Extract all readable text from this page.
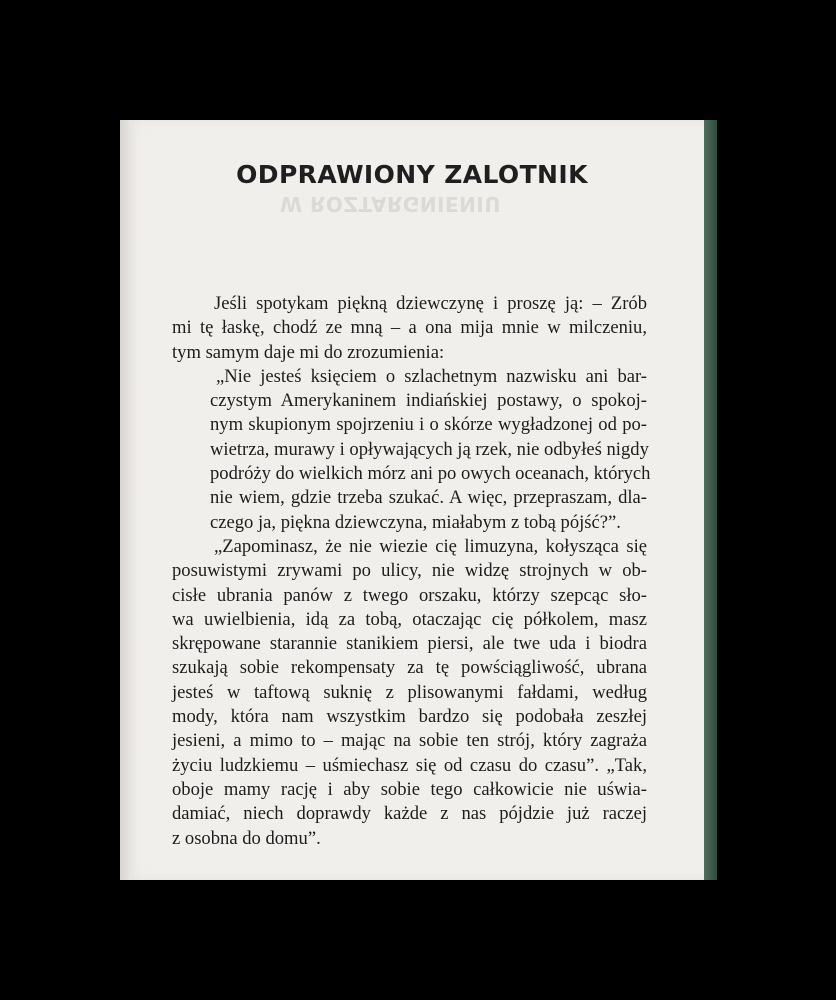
W ROZTARGNIENIU
ODPRAWIONY ZALOTNIK
Jeśli spotykam piękną dziewczynę i proszę ją: – Zrób
mi tę łaskę, chodź ze mną – a ona mija mnie w milczeniu,
tym samym daje mi do zrozumienia:
„Nie jesteś księciem o szlachetnym nazwisku ani bar-
czystym Amerykaninem indiańskiej postawy, o spokoj-
nym skupionym spojrzeniu i o skórze wygładzonej od po-
wietrza, murawy i opływających ją rzek, nie odbyłeś nigdy
podróży do wielkich mórz ani po owych oceanach, których
nie wiem, gdzie trzeba szukać. A więc, przepraszam, dla-
czego ja, piękna dziewczyna, miałabym z tobą pójść?”.
„Zapominasz, że nie wiezie cię limuzyna, kołysząca się
posuwistymi zrywami po ulicy, nie widzę strojnych w ob-
cisłe ubrania panów z twego orszaku, którzy szepcąc sło-
wa uwielbienia, idą za tobą, otaczając cię półkolem, masz
skrępowane starannie stanikiem piersi, ale twe uda i biodra
szukają sobie rekompensaty za tę powściągliwość, ubrana
jesteś w taftową suknię z plisowanymi fałdami, według
mody, która nam wszystkim bardzo się podobała zeszłej
jesieni, a mimo to – mając na sobie ten strój, który zagraża
życiu ludzkiemu – uśmiechasz się od czasu do czasu”. „Tak,
oboje mamy rację i aby sobie tego całkowicie nie uświa-
damiać, niech doprawdy każde z nas pójdzie już raczej
z osobna do domu”.
